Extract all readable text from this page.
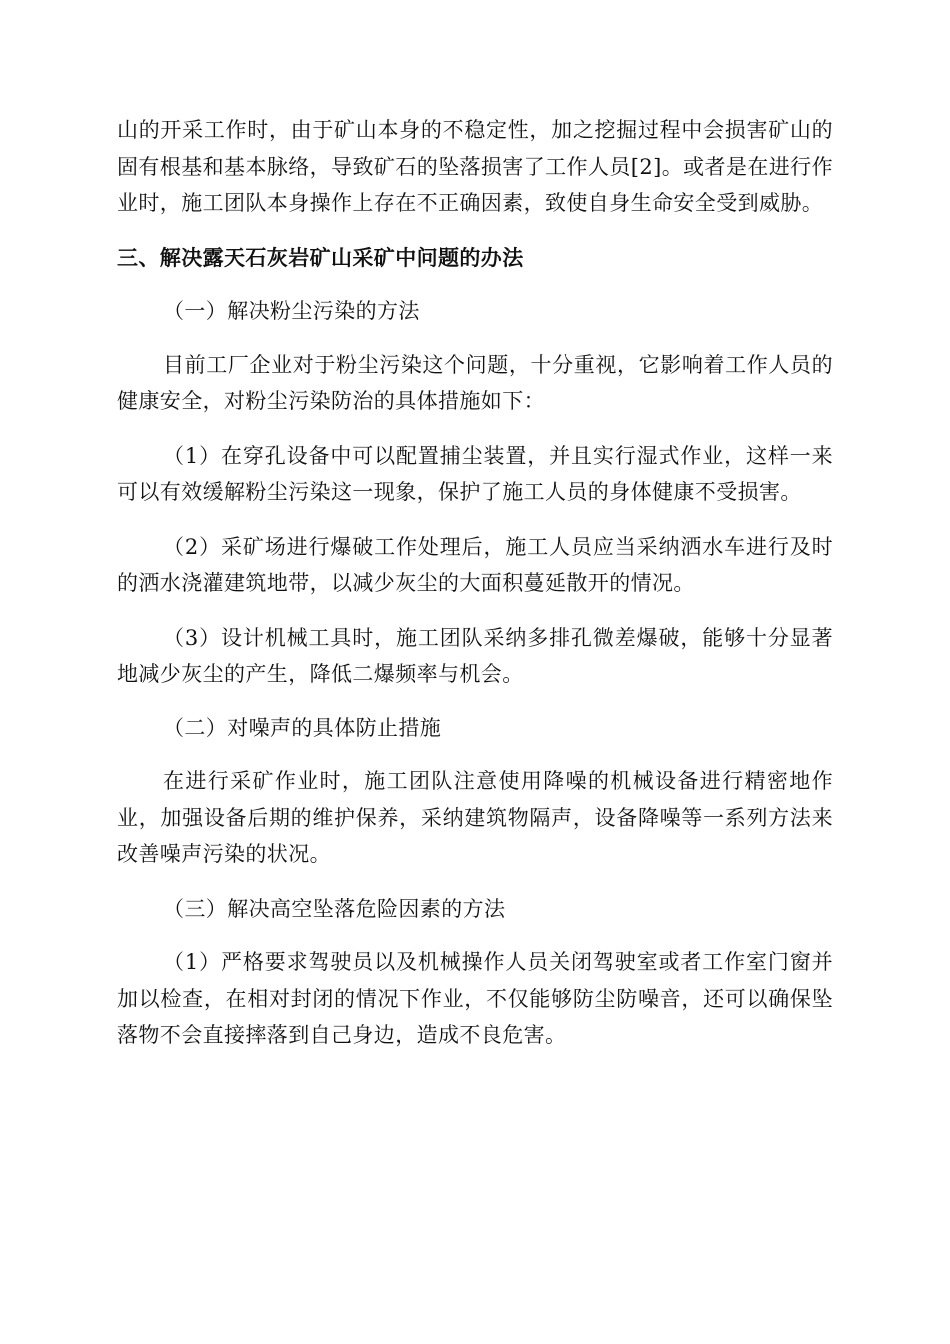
山的开采工作时，由于矿山本身的不稳定性，加之挖掘过程中会损害矿山的固有根基和基本脉络，导致矿石的坠落损害了工作人员[2]。或者是在进行作业时，施工团队本身操作上存在不正确因素，致使自身生命安全受到威胁。

三、解决露天石灰岩矿山采矿中问题的办法

（一）解决粉尘污染的方法

目前工厂企业对于粉尘污染这个问题，十分重视，它影响着工作人员的健康安全，对粉尘污染防治的具体措施如下：

（1）在穿孔设备中可以配置捕尘装置，并且实行湿式作业，这样一来可以有效缓解粉尘污染这一现象，保护了施工人员的身体健康不受损害。

（2）采矿场进行爆破工作处理后，施工人员应当采纳洒水车进行及时的洒水浇灌建筑地带，以减少灰尘的大面积蔓延散开的情况。

（3）设计机械工具时，施工团队采纳多排孔微差爆破，能够十分显著地减少灰尘的产生，降低二爆频率与机会。

（二）对噪声的具体防止措施

在进行采矿作业时，施工团队注意使用降噪的机械设备进行精密地作业，加强设备后期的维护保养，采纳建筑物隔声，设备降噪等一系列方法来改善噪声污染的状况。

（三）解决高空坠落危险因素的方法

（1）严格要求驾驶员以及机械操作人员关闭驾驶室或者工作室门窗并加以检查，在相对封闭的情况下作业，不仅能够防尘防噪音，还可以确保坠落物不会直接摔落到自己身边，造成不良危害。
